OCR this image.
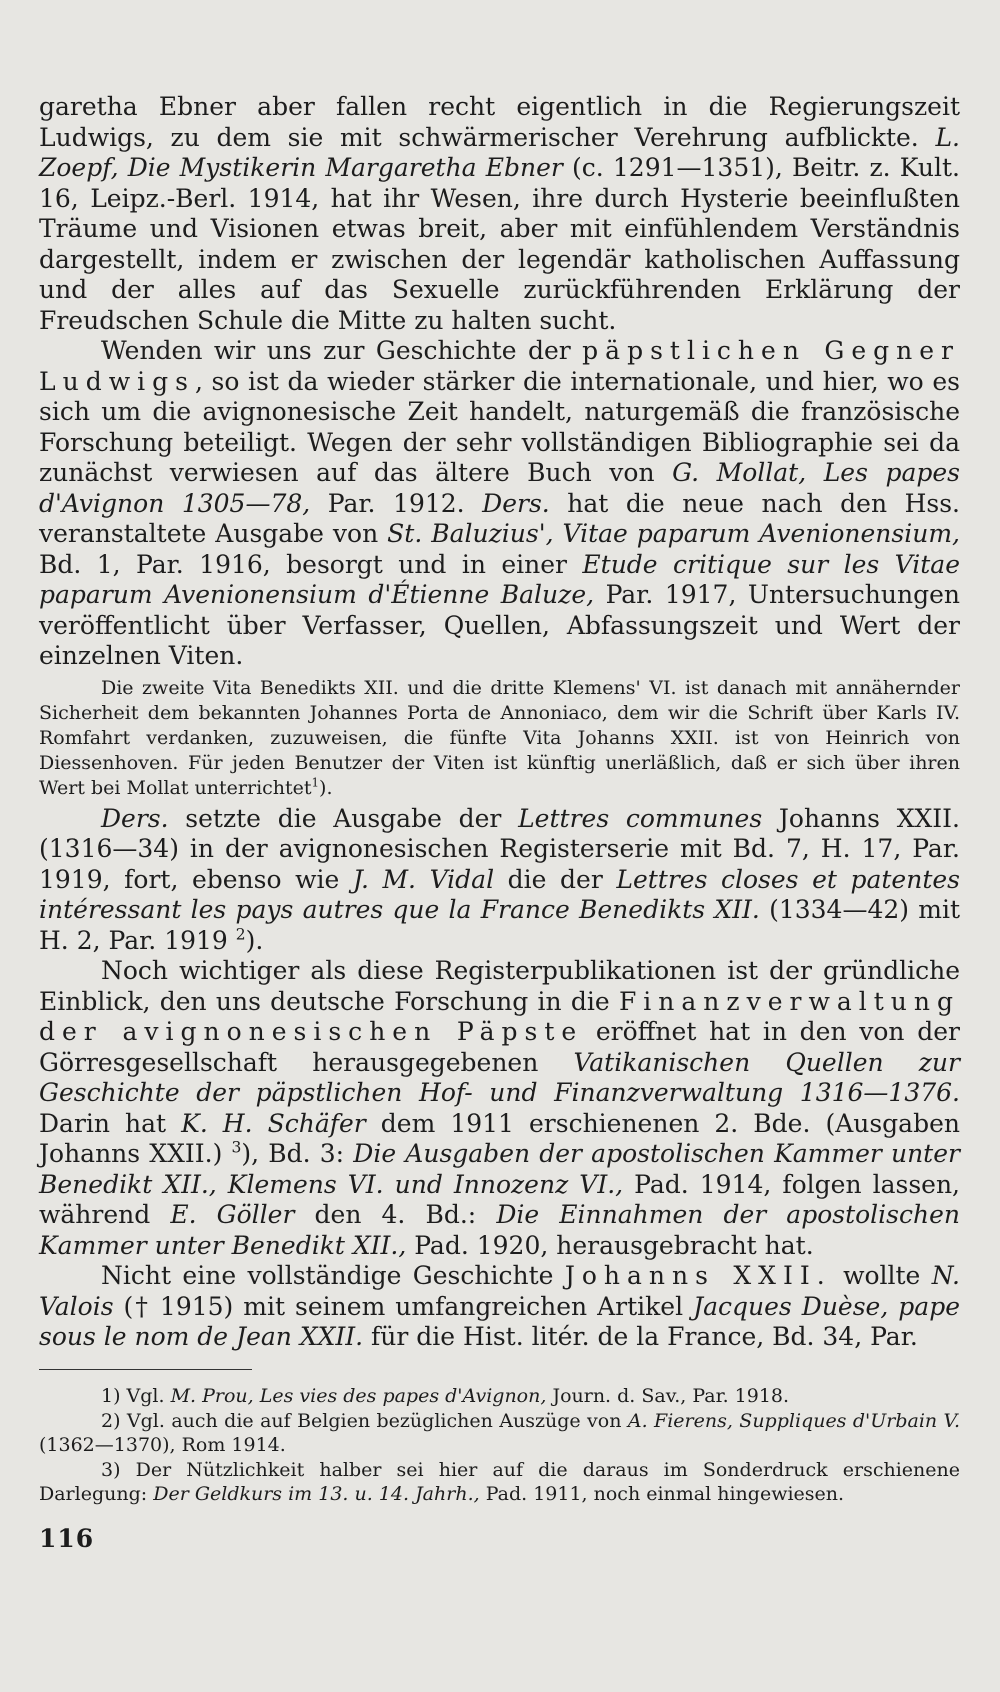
garetha Ebner aber fallen recht eigentlich in die Regierungszeit Ludwigs, zu dem sie mit schwärmerischer Verehrung aufblickte. L. Zoepf, Die Mystikerin Margaretha Ebner (c. 1291—1351), Beitr. z. Kult. 16, Leipz.-Berl. 1914, hat ihr Wesen, ihre durch Hysterie beeinflußten Träume und Visionen etwas breit, aber mit einfühlendem Verständnis dargestellt, indem er zwischen der legendär katholischen Auffassung und der alles auf das Sexuelle zurückführenden Erklärung der Freudschen Schule die Mitte zu halten sucht.

Wenden wir uns zur Geschichte der päpstlichen Gegner Ludwigs, so ist da wieder stärker die internationale, und hier, wo es sich um die avignonesische Zeit handelt, naturgemäß die französische Forschung beteiligt. Wegen der sehr vollständigen Bibliographie sei da zunächst verwiesen auf das ältere Buch von G. Mollat, Les papes d'Avignon 1305—78, Par. 1912. Ders. hat die neue nach den Hss. veranstaltete Ausgabe von St. Baluzius', Vitae paparum Avenionensium, Bd. 1, Par. 1916, besorgt und in einer Etude critique sur les Vitae paparum Avenionensium d'Étienne Baluze, Par. 1917, Untersuchungen veröffentlicht über Verfasser, Quellen, Abfassungszeit und Wert der einzelnen Viten.

Die zweite Vita Benedikts XII. und die dritte Klemens' VI. ist danach mit annähernder Sicherheit dem bekannten Johannes Porta de Annoniaco, dem wir die Schrift über Karls IV. Romfahrt verdanken, zuzuweisen, die fünfte Vita Johanns XXII. ist von Heinrich von Diessenhoven. Für jeden Benutzer der Viten ist künftig unerläßlich, daß er sich über ihren Wert bei Mollat unterrichtet$^1$).

Ders. setzte die Ausgabe der Lettres communes Johanns XXII. (1316—34) in der avignonesischen Registerserie mit Bd. 7, H. 17, Par. 1919, fort, ebenso wie J. M. Vidal die der Lettres closes et patentes intéressant les pays autres que la France Benedikts XII. (1334—42) mit H. 2, Par. 1919 $^2$).

Noch wichtiger als diese Registerpublikationen ist der gründliche Einblick, den uns deutsche Forschung in die Finanzverwaltung der avignonesischen Päpste eröffnet hat in den von der Görresgesellschaft herausgegebenen Vatikanischen Quellen zur Geschichte der päpstlichen Hof- und Finanzverwaltung 1316—1376. Darin hat K. H. Schäfer dem 1911 erschienenen 2. Bde. (Ausgaben Johanns XXII.) $^3$), Bd. 3: Die Ausgaben der apostolischen Kammer unter Benedikt XII., Klemens VI. und Innozenz VI., Pad. 1914, folgen lassen, während E. Göller den 4. Bd.: Die Einnahmen der apostolischen Kammer unter Benedikt XII., Pad. 1920, herausgebracht hat.

Nicht eine vollständige Geschichte Johanns XXII. wollte N. Valois († 1915) mit seinem umfangreichen Artikel Jacques Duèse, pape sous le nom de Jean XXII. für die Hist. litér. de la France, Bd. 34, Par.

1) Vgl. M. Prou, Les vies des papes d'Avignon, Journ. d. Sav., Par. 1918.

2) Vgl. auch die auf Belgien bezüglichen Auszüge von A. Fierens, Suppliques d'Urbain V. (1362—1370), Rom 1914.

3) Der Nützlichkeit halber sei hier auf die daraus im Sonderdruck erschienene Darlegung: Der Geldkurs im 13. u. 14. Jahrh., Pad. 1911, noch einmal hingewiesen.

116
